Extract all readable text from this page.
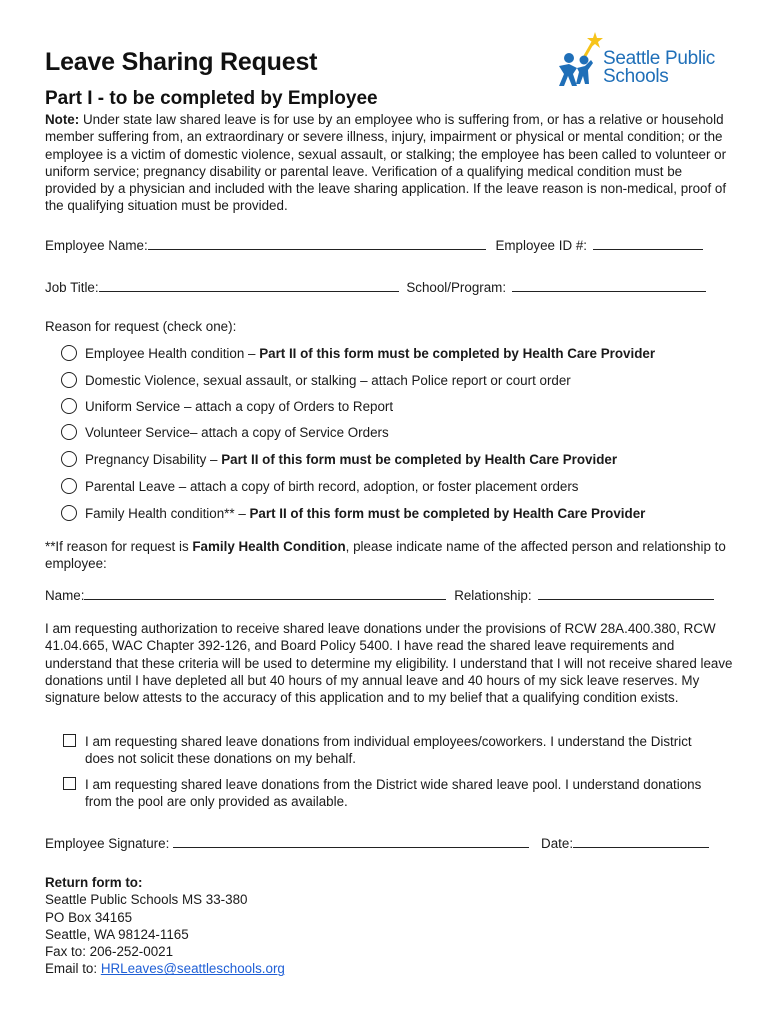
Leave Sharing Request
Part I - to be completed by Employee
Seattle Public
Schools

Note: Under state law shared leave is for use by an employee who is suffering from, or has a relative or household member suffering from, an extraordinary or severe illness, injury, impairment or physical or mental condition; or the employee is a victim of domestic violence, sexual assault, or stalking; the employee has been called to volunteer or uniform service; pregnancy disability or parental leave. Verification of a qualifying medical condition must be provided by a physician and included with the leave sharing application. If the leave reason is non-medical, proof of the qualifying situation must be provided.

Employee Name:	Employee ID #:
Job Title:	School/Program:
Reason for request (check one):
Employee Health condition – Part II of this form must be completed by Health Care Provider
Domestic Violence, sexual assault, or stalking – attach Police report or court order
Uniform Service – attach a copy of Orders to Report
Volunteer Service– attach a copy of Service Orders
Pregnancy Disability – Part II of this form must be completed by Health Care Provider
Parental Leave – attach a copy of birth record, adoption, or foster placement orders
Family Health condition** – Part II of this form must be completed by Health Care Provider

**If reason for request is Family Health Condition, please indicate name of the affected person and relationship to employee:

Name:	Relationship:

I am requesting authorization to receive shared leave donations under the provisions of RCW 28A.400.380, RCW 41.04.665, WAC Chapter 392-126, and Board Policy 5400. I have read the shared leave requirements and understand that these criteria will be used to determine my eligibility. I understand that I will not receive shared leave donations until I have depleted all but 40 hours of my annual leave and 40 hours of my sick leave reserves. My signature below attests to the accuracy of this application and to my belief that a qualifying condition exists.

I am requesting shared leave donations from individual employees/coworkers. I understand the District does not solicit these donations on my behalf.
I am requesting shared leave donations from the District wide shared leave pool. I understand donations from the pool are only provided as available.
Employee Signature:	Date:
Return form to:
Seattle Public Schools MS 33-380
PO Box 34165
Seattle, WA 98124-1165
Fax to: 206-252-0021
Email to: HRLeaves@seattleschools.org
